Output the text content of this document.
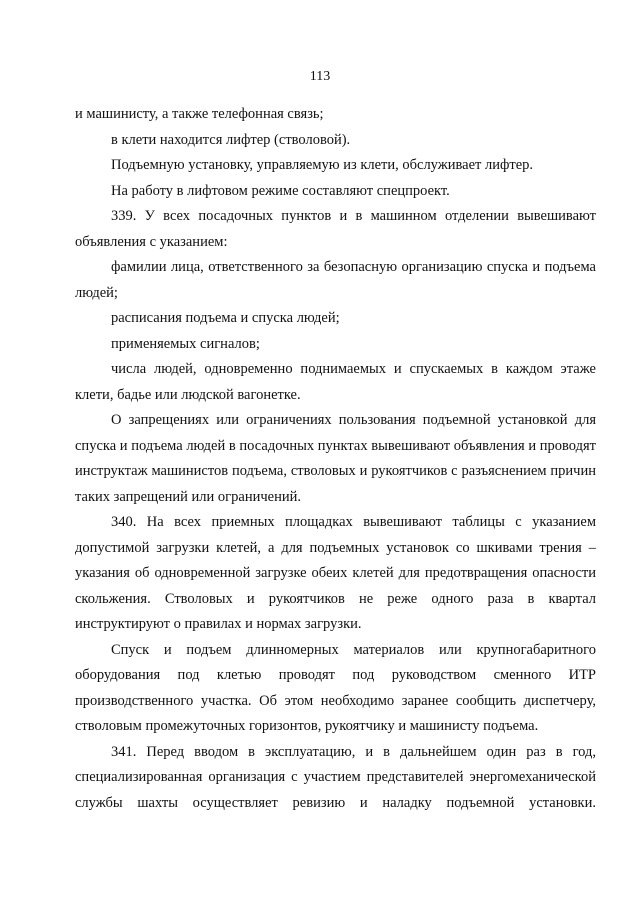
113

и машинисту, а также телефонная связь;

в клети находится лифтер (стволовой).

Подъемную установку, управляемую из клети, обслуживает лифтер.

На работу в лифтовом режиме составляют спецпроект.

339. У всех посадочных пунктов и в машинном отделении вывешивают объявления с указанием:

фамилии лица, ответственного за безопасную организацию спуска и подъема людей;

расписания подъема и спуска людей;

применяемых сигналов;

числа людей, одновременно поднимаемых и спускаемых в каждом этаже клети, бадье или людской вагонетке.

О запрещениях или ограничениях пользования подъемной установкой для спуска и подъема людей в посадочных пунктах вывешивают объявления и проводят инструктаж машинистов подъема, стволовых и рукоятчиков с разъяснением причин таких запрещений или ограничений.

340. На всех приемных площадках вывешивают таблицы с указанием допустимой загрузки клетей, а для подъемных установок со шкивами трения – указания об одновременной загрузке обеих клетей для предотвращения опасности скольжения. Стволовых и рукоятчиков не реже одного раза в квартал инструктируют о правилах и нормах загрузки.

Спуск и подъем длинномерных материалов или крупногабаритного оборудования под клетью проводят под руководством сменного ИТР производственного участка. Об этом необходимо заранее сообщить диспетчеру, стволовым промежуточных горизонтов, рукоятчику и машинисту подъема.

341. Перед вводом в эксплуатацию, и в дальнейшем один раз в год, специализированная организация с участием представителей энергомеханической службы шахты осуществляет ревизию и наладку подъемной установки.
